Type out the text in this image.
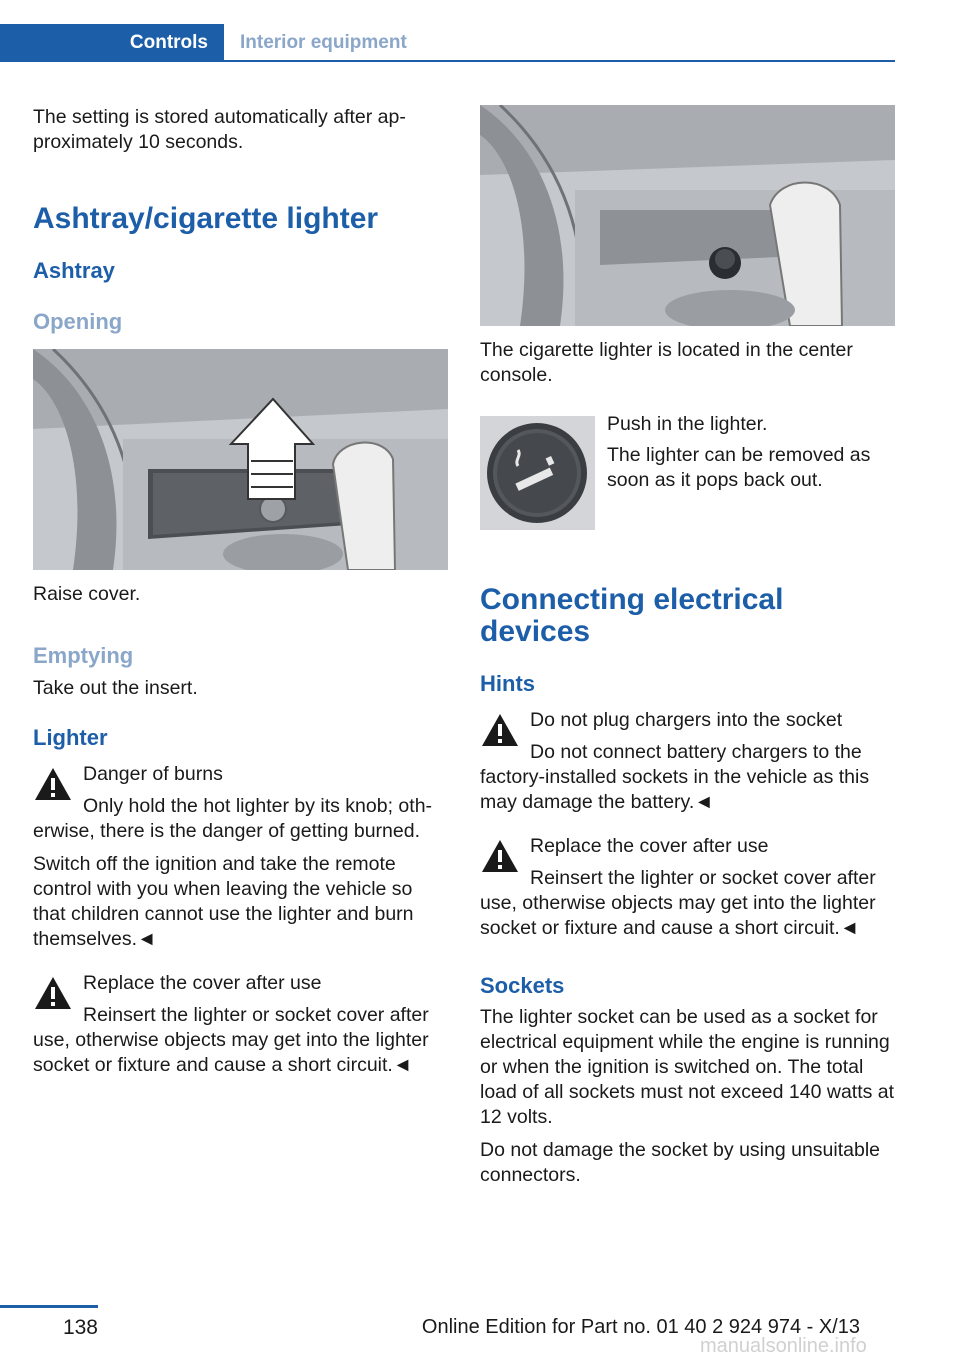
Controls	Interior equipment

The setting is stored automatically after approximately 10 seconds.

Ashtray/cigarette lighter
Ashtray
Opening

Raise cover.

Emptying

Take out the insert.

Lighter

Danger of burns

Only hold the hot lighter by its knob; otherwise, there is the danger of getting burned.

Switch off the ignition and take the remote control with you when leaving the vehicle so that children cannot use the lighter and burn themselves.◄

Replace the cover after use

Reinsert the lighter or socket cover after use, otherwise objects may get into the lighter socket or fixture and cause a short circuit.◄

The cigarette lighter is located in the center console.

Push in the lighter.

The lighter can be removed as soon as it pops back out.

Connecting electrical devices
Hints

Do not plug chargers into the socket

Do not connect battery chargers to the factory-installed sockets in the vehicle as this may damage the battery.◄

Replace the cover after use

Reinsert the lighter or socket cover after use, otherwise objects may get into the lighter socket or fixture and cause a short circuit.◄

Sockets

The lighter socket can be used as a socket for electrical equipment while the engine is running or when the ignition is switched on. The total load of all sockets must not exceed 140 watts at 12 volts.

Do not damage the socket by using unsuitable connectors.

138	Online Edition for Part no. 01 40 2 924 974 - X/13
manualsonline.info
